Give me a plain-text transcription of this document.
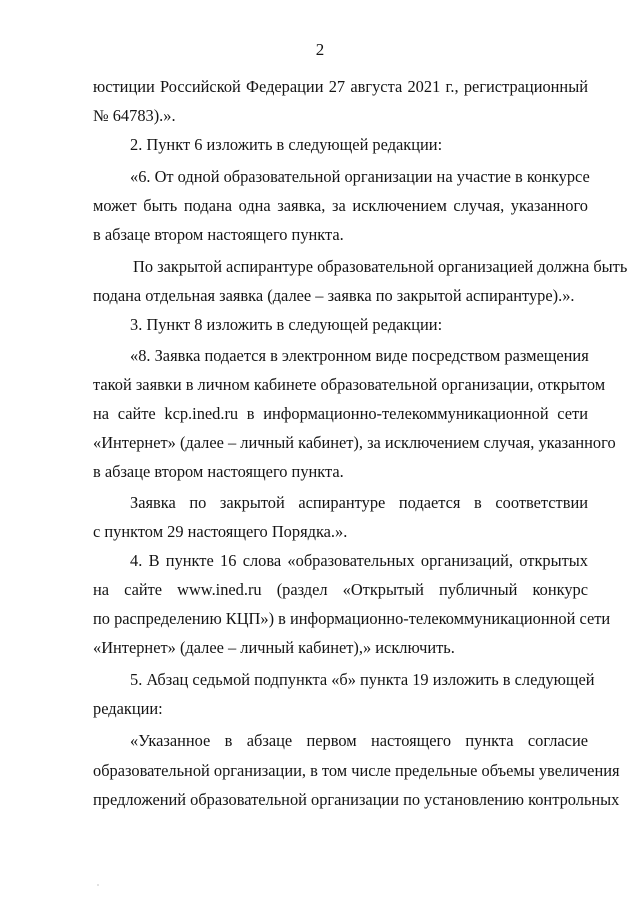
2
юстиции Российской Федерации 27 августа 2021 г., регистрационный
№ 64783).».
2. Пункт 6 изложить в следующей редакции:
«6. От одной образовательной организации на участие в конкурсе
может быть подана одна заявка, за исключением случая, указанного
в абзаце втором настоящего пункта.
По закрытой аспирантуре образовательной организацией должна быть
подана отдельная заявка (далее – заявка по закрытой аспирантуре).».
3. Пункт 8 изложить в следующей редакции:
«8. Заявка подается в электронном виде посредством размещения
такой заявки в личном кабинете образовательной организации, открытом
на сайте kcp.ined.ru в информационно-телекоммуникационной сети
«Интернет» (далее – личный кабинет), за исключением случая, указанного
в абзаце втором настоящего пункта.
Заявка по закрытой аспирантуре подается в соответствии
с пунктом 29 настоящего Порядка.».
4. В пункте 16 слова «образовательных организаций, открытых
на сайте www.ined.ru (раздел «Открытый публичный конкурс
по распределению КЦП») в информационно-телекоммуникационной сети
«Интернет» (далее – личный кабинет),» исключить.
5. Абзац седьмой подпункта «б» пункта 19 изложить в следующей
редакции:
«Указанное в абзаце первом настоящего пункта согласие
образовательной организации, в том числе предельные объемы увеличения
предложений образовательной организации по установлению контрольных
